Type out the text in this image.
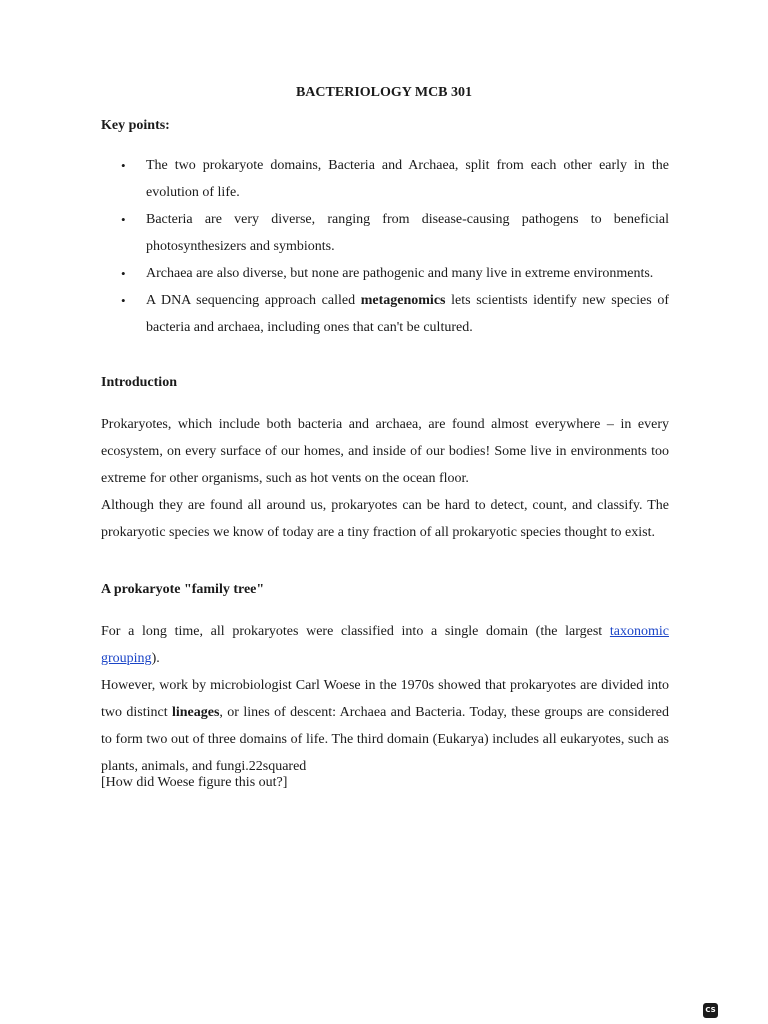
BACTERIOLOGY MCB 301
Key points:
• The two prokaryote domains, Bacteria and Archaea, split from each other early in the evolution of life.
• Bacteria are very diverse, ranging from disease-causing pathogens to beneficial photosynthesizers and symbionts.
• Archaea are also diverse, but none are pathogenic and many live in extreme environments.
• A DNA sequencing approach called metagenomics lets scientists identify new species of bacteria and archaea, including ones that can't be cultured.
Introduction

Prokaryotes, which include both bacteria and archaea, are found almost everywhere – in every ecosystem, on every surface of our homes, and inside of our bodies! Some live in environments too extreme for other organisms, such as hot vents on the ocean floor.

Although they are found all around us, prokaryotes can be hard to detect, count, and classify. The prokaryotic species we know of today are a tiny fraction of all prokaryotic species thought to exist.

A prokaryote "family tree"

For a long time, all prokaryotes were classified into a single domain (the largest taxonomic grouping).

However, work by microbiologist Carl Woese in the 1970s showed that prokaryotes are divided into two distinct lineages, or lines of descent: Archaea and Bacteria. Today, these groups are considered to form two out of three domains of life. The third domain (Eukarya) includes all eukaryotes, such as plants, animals, and fungi.22squared

[How did Woese figure this out?]

CS
